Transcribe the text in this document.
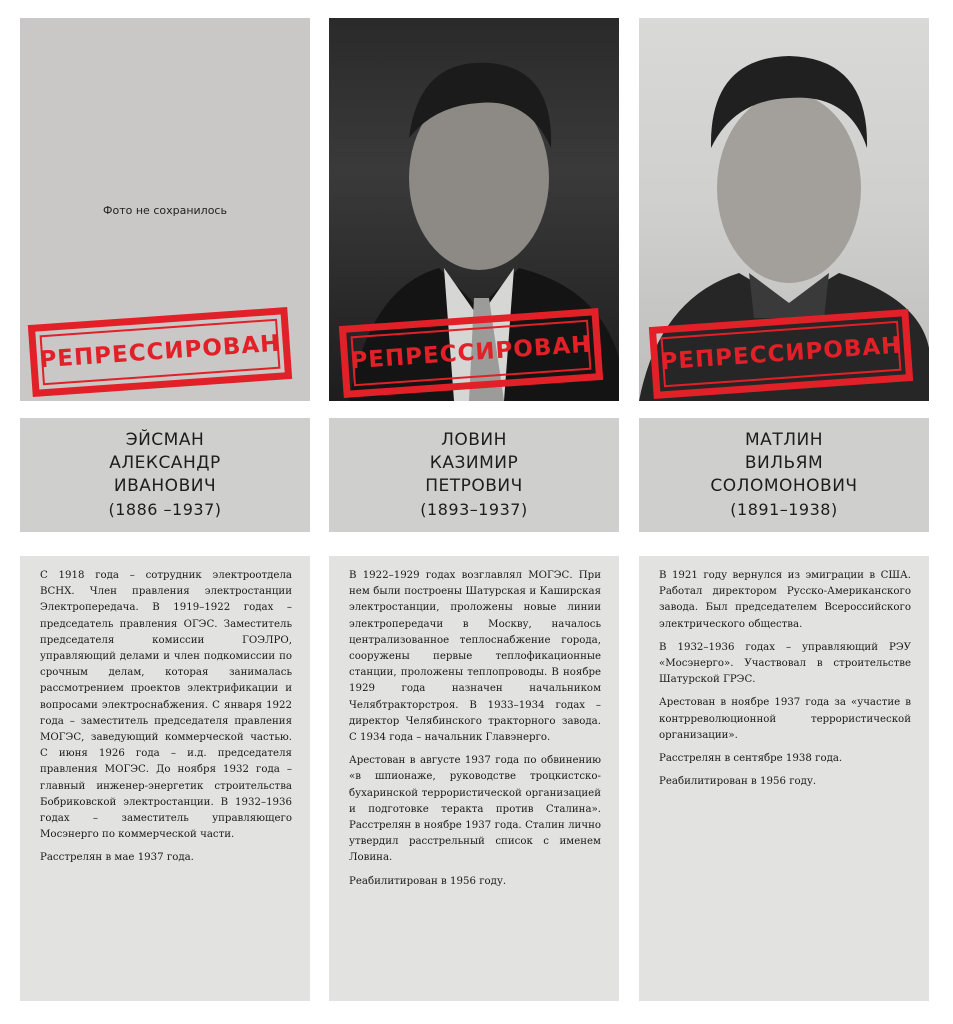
Фото не сохранилось
РЕПРЕССИРОВАН
ЭЙСМАН
АЛЕКСАНДР
ИВАНОВИЧ
(1886 –1937)

С 1918 года – сотрудник электроотдела ВСНХ. Член правления электростанции Электропередача. В 1919–1922 годах – председатель правления ОГЭС. Заместитель председателя комиссии ГОЭЛРО, управляющий делами и член подкомиссии по срочным делам, которая занималась рассмотрением проектов электрификации и вопросами электроснабжения. С января 1922 года – заместитель председателя правления МОГЭС, заведующий коммерческой частью. С июня 1926 года – и.д. председателя правления МОГЭС. До ноября 1932 года – главный инженер-энергетик строительства Бобриковской электростанции. В 1932–1936 годах – заместитель управляющего Мосэнерго по коммерческой части.

Расстрелян в мае 1937 года.

РЕПРЕССИРОВАН
ЛОВИН
КАЗИМИР
ПЕТРОВИЧ
(1893–1937)

В 1922–1929 годах возглавлял МОГЭС. При нем были построены Шатурская и Каширская электростанции, проложены новые линии электропередачи в Москву, началось централизованное теплоснабжение города, сооружены первые теплофикационные станции, проложены теплопроводы. В ноябре 1929 года назначен начальником Челябтракторстроя. В 1933–1934 годах – директор Челябинского тракторного завода. С 1934 года – начальник Главэнерго.

Арестован в августе 1937 года по обвинению «в шпионаже, руководстве троцкистско-бухаринской террористической организацией и подготовке теракта против Сталина». Расстрелян в ноябре 1937 года. Сталин лично утвердил расстрельный список с именем Ловина.

Реабилитирован в 1956 году.

РЕПРЕССИРОВАН
МАТЛИН
ВИЛЬЯМ
СОЛОМОНОВИЧ
(1891–1938)

В 1921 году вернулся из эмиграции в США. Работал директором Русско-Американского завода. Был председателем Всероссийского электрического общества.

В 1932–1936 годах – управляющий РЭУ «Мосэнерго». Участвовал в строительстве Шатурской ГРЭС.

Арестован в ноябре 1937 года за «участие в контрреволюционной террористической организации».

Расстрелян в сентябре 1938 года.

Реабилитирован в 1956 году.
